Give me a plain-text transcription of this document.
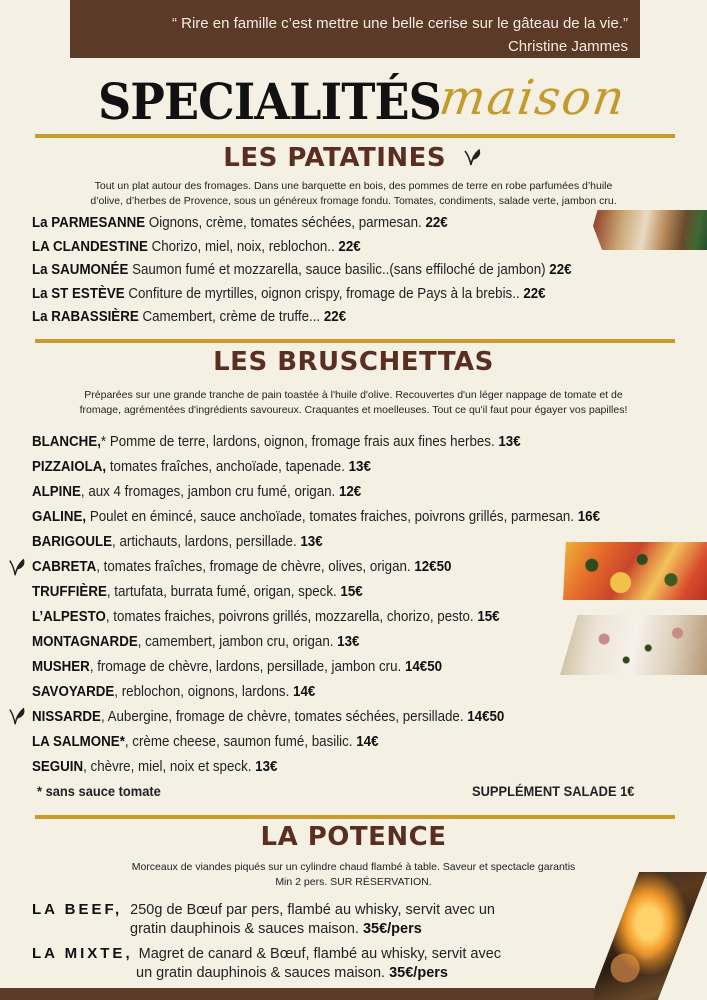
“ Rire en famille c’est mettre une belle cerise sur le gâteau de la vie.”
Christine Jammes
SPECIALITÉS
maison
LES PATATINES
Tout un plat autour des fromages. Dans une barquette en bois, des pommes de terre en robe parfumées d’huile
d’olive, d’herbes de Provence, sous un généreux fromage fondu. Tomates, condiments, salade verte, jambon cru.
La PARMESANNE Oignons, crème, tomates séchées, parmesan. 22€
LA CLANDESTINE Chorizo, miel, noix, reblochon.. 22€
La SAUMONÉE Saumon fumé et mozzarella, sauce basilic..(sans effiloché de jambon) 22€
La ST ESTÈVE Confiture de myrtilles, oignon crispy, fromage de Pays à la brebis.. 22€
La RABASSIÈRE Camembert, crème de truffe... 22€
LES BRUSCHETTAS
Préparées sur une grande tranche de pain toastée à l'huile d'olive. Recouvertes d'un léger nappage de tomate et de
fromage, agrémentées d'ingrédients savoureux. Craquantes et moelleuses. Tout ce qu'il faut pour égayer vos papilles!
BLANCHE,* Pomme de terre, lardons, oignon, fromage frais aux fines herbes. 13€
PIZZAIOLA, tomates fraîches, anchoïade, tapenade. 13€
ALPINE, aux 4 fromages, jambon cru fumé, origan. 12€
GALINE, Poulet en émincé, sauce anchoïade, tomates fraiches, poivrons grillés, parmesan. 16€
BARIGOULE, artichauts, lardons, persillade. 13€
CABRETA, tomates fraîches, fromage de chèvre, olives, origan. 12€50
TRUFFIÈRE, tartufata, burrata fumé, origan, speck. 15€
L’ALPESTO, tomates fraiches, poivrons grillés, mozzarella, chorizo, pesto. 15€
MONTAGNARDE, camembert, jambon cru, origan. 13€
MUSHER, fromage de chèvre, lardons, persillade, jambon cru. 14€50
SAVOYARDE, reblochon, oignons, lardons. 14€
NISSARDE, Aubergine, fromage de chèvre, tomates séchées, persillade. 14€50
LA SALMONE*, crème cheese, saumon fumé, basilic. 14€
SEGUIN, chèvre, miel, noix et speck. 13€
* sans sauce tomate	SUPPLÉMENT SALADE 1€
LA POTENCE
Morceaux de viandes piqués sur un cylindre chaud flambé à table. Saveur et spectacle garantis
Min 2 pers. SUR RÉSERVATION.
LA BEEF, 250g de Bœuf par pers, flambé au whisky, servit avec un
gratin dauphinois & sauces maison. 35€/pers
LA MIXTE, Magret de canard & Bœuf, flambé au whisky, servit avec
un gratin dauphinois & sauces maison. 35€/pers
